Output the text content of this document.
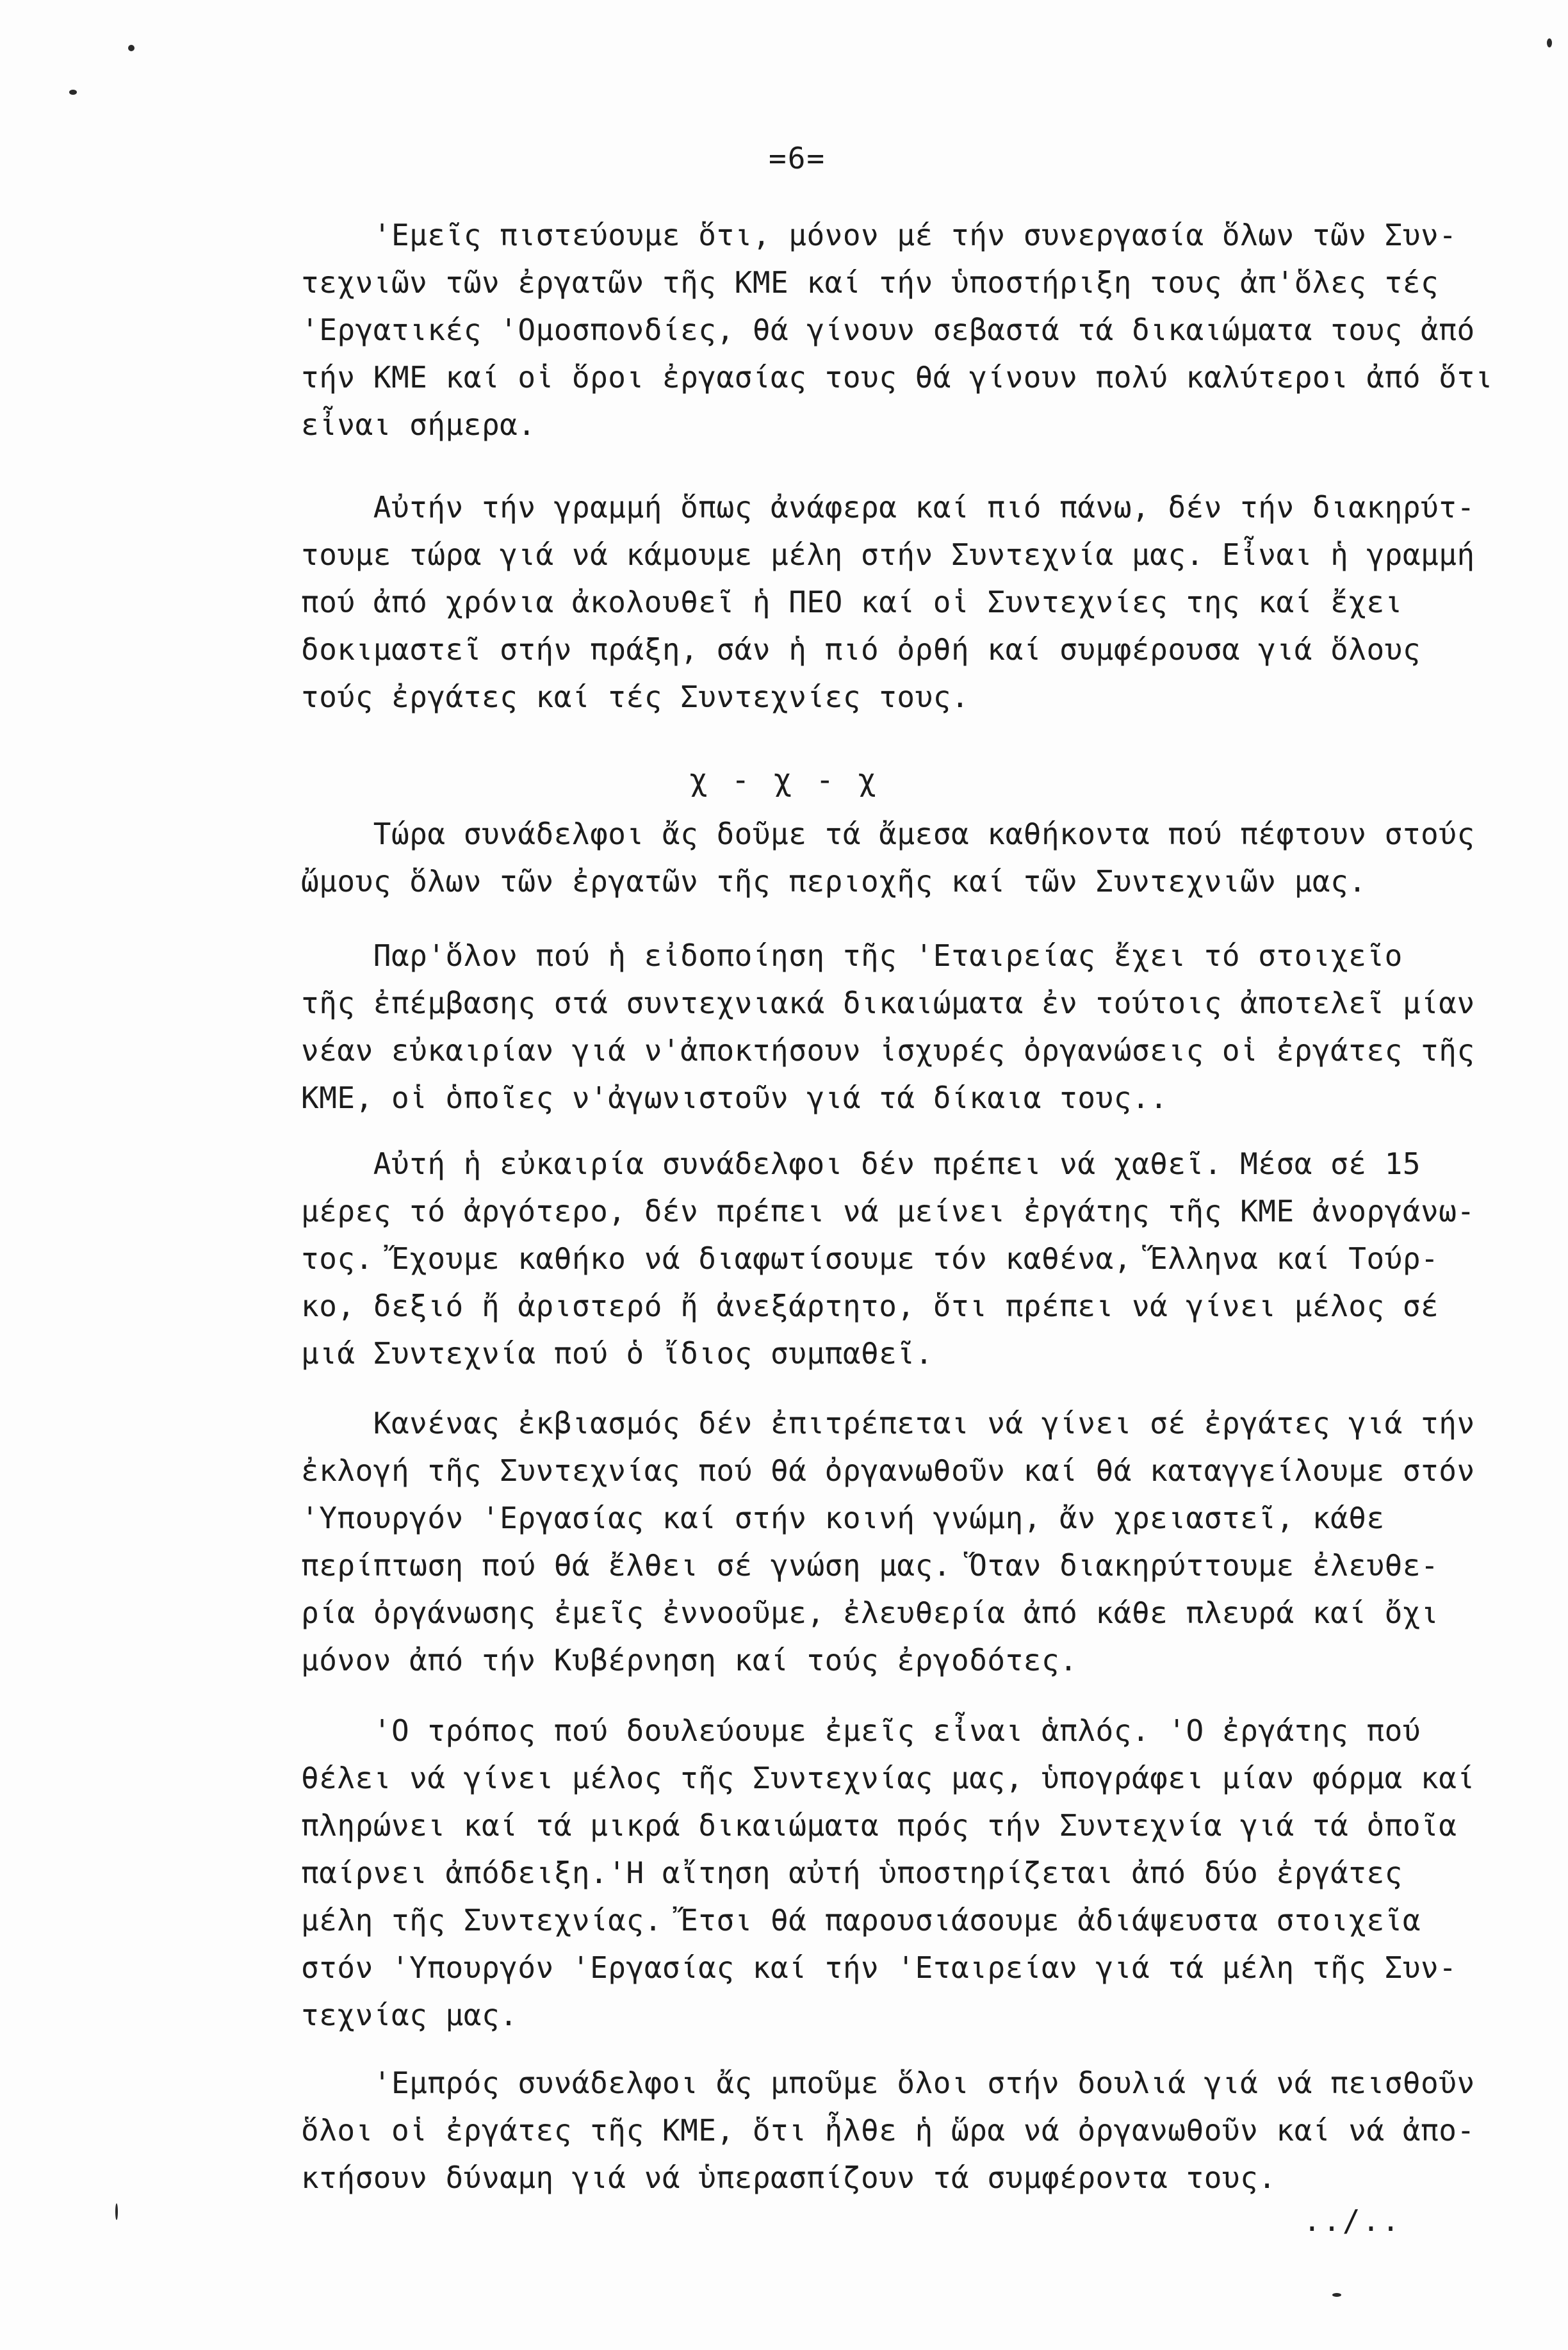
=6=
'Εμεῖς πιστεύουμε ὅτι, μόνον μέ τήν συνεργασία ὅλων τῶν Συν-
τεχνιῶν τῶν ἐργατῶν τῆς ΚΜΕ καί τήν ὑποστήριξη τους ἀπ'ὅλες τές
'Εργατικές 'Ομοσπονδίες, θά γίνουν σεβαστά τά δικαιώματα τους ἀπό
τήν ΚΜΕ καί οἱ ὅροι ἐργασίας τους θά γίνουν πολύ καλύτεροι ἀπό ὅτι
εἶναι σήμερα.
Αὐτήν τήν γραμμή ὅπως ἀνάφερα καί πιό πάνω, δέν τήν διακηρύτ-
τουμε τώρα γιά νά κάμουμε μέλη στήν Συντεχνία μας. Εἶναι ἡ γραμμή
πού ἀπό χρόνια ἀκολουθεῖ ἡ ΠΕΟ καί οἱ Συντεχνίες της καί ἔχει
δοκιμαστεῖ στήν πράξη, σάν ἡ πιό ὀρθή καί συμφέρουσα γιά ὅλους
τούς ἐργάτες καί τές Συντεχνίες τους.
χ - χ - χ
Τώρα συνάδελφοι ἄς δοῦμε τά ἄμεσα καθήκοντα πού πέφτουν στούς
ὤμους ὅλων τῶν ἐργατῶν τῆς περιοχῆς καί τῶν Συντεχνιῶν μας.
Παρ'ὅλον πού ἡ εἰδοποίηση τῆς 'Εταιρείας ἔχει τό στοιχεῖο
τῆς ἐπέμβασης στά συντεχνιακά δικαιώματα ἐν τούτοις ἀποτελεῖ μίαν
νέαν εὐκαιρίαν γιά ν'ἀποκτήσουν ἰσχυρές ὀργανώσεις οἱ ἐργάτες τῆς
ΚΜΕ, οἱ ὁποῖες ν'ἀγωνιστοῦν γιά τά δίκαια τους..
Αὐτή ἡ εὐκαιρία συνάδελφοι δέν πρέπει νά χαθεῖ. Μέσα σέ 15
μέρες τό ἀργότερο, δέν πρέπει νά μείνει ἐργάτης τῆς ΚΜΕ ἀνοργάνω-
τος. Ἔχουμε καθήκο νά διαφωτίσουμε τόν καθένα, Ἕλληνα καί Τούρ-
κο, δεξιό ἤ ἀριστερό ἤ ἀνεξάρτητο, ὅτι πρέπει νά γίνει μέλος σέ
μιά Συντεχνία πού ὁ ἴδιος συμπαθεῖ.
Κανένας ἐκβιασμός δέν ἐπιτρέπεται νά γίνει σέ ἐργάτες γιά τήν
ἐκλογή τῆς Συντεχνίας πού θά ὀργανωθοῦν καί θά καταγγείλουμε στόν
'Υπουργόν 'Εργασίας καί στήν κοινή γνώμη, ἄν χρειαστεῖ, κάθε
περίπτωση πού θά ἔλθει σέ γνώση μας. Ὅταν διακηρύττουμε ἐλευθε-
ρία ὀργάνωσης ἐμεῖς ἐννοοῦμε, ἐλευθερία ἀπό κάθε πλευρά καί ὄχι
μόνον ἀπό τήν Κυβέρνηση καί τούς ἐργοδότες.
'Ο τρόπος πού δουλεύουμε ἐμεῖς εἶναι ἁπλός. 'Ο ἐργάτης πού
θέλει νά γίνει μέλος τῆς Συντεχνίας μας, ὑπογράφει μίαν φόρμα καί
πληρώνει καί τά μικρά δικαιώματα πρός τήν Συντεχνία γιά τά ὁποῖα
παίρνει ἀπόδειξη.'Η αἴτηση αὐτή ὑποστηρίζεται ἀπό δύο ἐργάτες
μέλη τῆς Συντεχνίας. Ἔτσι θά παρουσιάσουμε ἀδιάψευστα στοιχεῖα
στόν 'Υπουργόν 'Εργασίας καί τήν 'Εταιρείαν γιά τά μέλη τῆς Συν-
τεχνίας μας.
'Εμπρός συνάδελφοι ἄς μποῦμε ὅλοι στήν δουλιά γιά νά πεισθοῦν
ὅλοι οἱ ἐργάτες τῆς ΚΜΕ, ὅτι ἦλθε ἡ ὥρα νά ὀργανωθοῦν καί νά ἀπο-
κτήσουν δύναμη γιά νά ὑπερασπίζουν τά συμφέροντα τους.
../..
